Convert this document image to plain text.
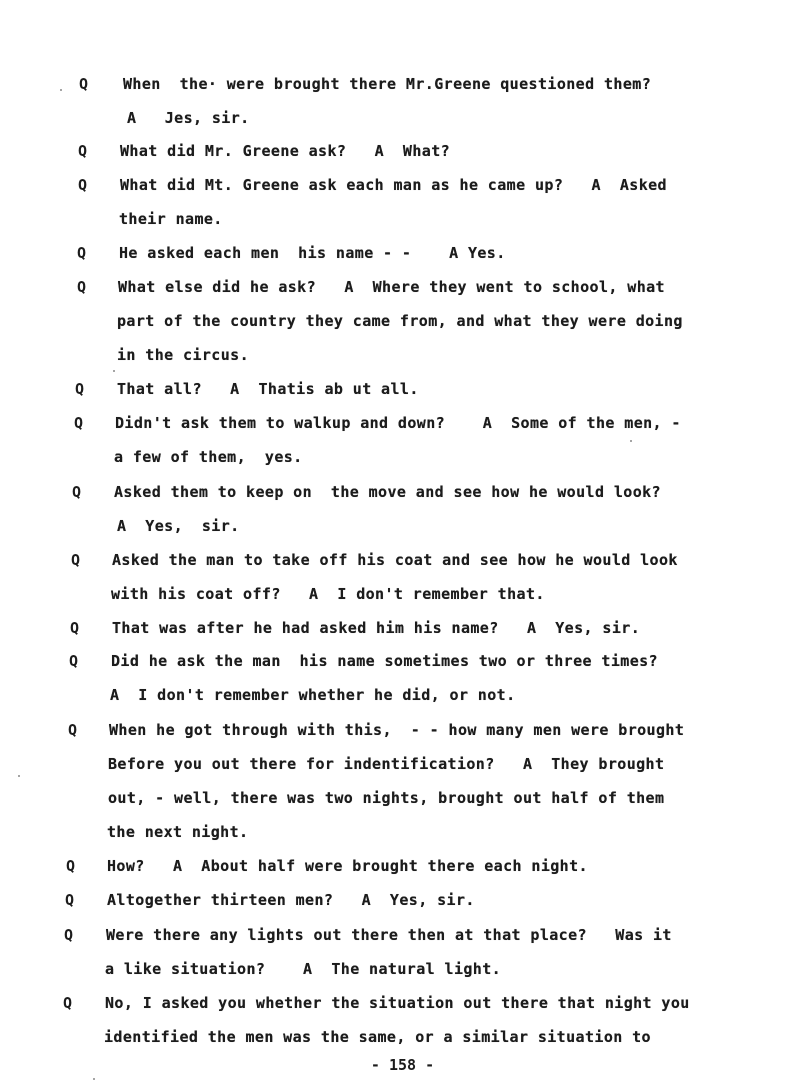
Q When  the· were brought there Mr.Greene questioned them?
A   Jes, sir.
Q What did Mr. Greene ask?   A  What?
Q What did Mt. Greene ask each man as he came up?   A  Asked
their name.
Q He asked each men  his name - -    A Yes.
Q What else did he ask?   A  Where they went to school, what
part of the country they came from, and what they were doing
in the circus.
Q That all?   A  Thatis ab ut all.
Q Didn't ask them to walkup and down?    A  Some of the men, -
a few of them,  yes.
Q Asked them to keep on  the move and see how he would look?
A  Yes,  sir.
Q Asked the man to take off his coat and see how he would look
with his coat off?   A  I don't remember that.
Q That was after he had asked him his name?   A  Yes, sir.
Q Did he ask the man  his name sometimes two or three times?
A  I don't remember whether he did, or not.
Q When he got through with this,  - - how many men were brought
Before you out there for indentification?   A  They brought
out, - well, there was two nights, brought out half of them
the next night.
Q How?   A  About half were brought there each night.
Q Altogether thirteen men?   A  Yes, sir.
Q Were there any lights out there then at that place?   Was it
a like situation?    A  The natural light.
Q No, I asked you whether the situation out there that night you
identified the men was the same, or a similar situation to
- 158 -
